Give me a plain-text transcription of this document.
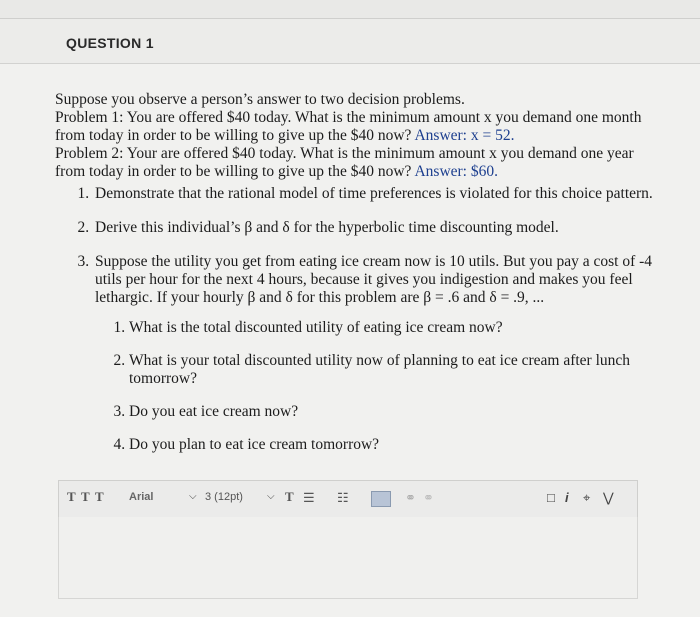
QUESTION 1

Suppose you observe a person’s answer to two decision problems.

Problem 1: You are offered $40 today. What is the minimum amount x you demand one month from today in order to be willing to give up the $40 now? Answer: x = 52.

Problem 2: Your are offered $40 today. What is the minimum amount x you demand one year from today in order to be willing to give up the $40 now? Answer: $60.

1. Demonstrate that the rational model of time preferences is violated for this choice pattern.
2. Derive this individual’s β and δ for the hyperbolic time discounting model.
3. Suppose the utility you get from eating ice cream now is 10 utils. But you pay a cost of -4 utils per hour for the next 4 hours, because it gives you indigestion and makes you feel lethargic. If your hourly β and δ for this problem are β = .6 and δ = .9, ...
1. What is the total discounted utility of eating ice cream now?
2. What is your total discounted utility now of planning to eat ice cream after lunch tomorrow?
3. Do you eat ice cream now?
4. Do you plan to eat ice cream tomorrow?
T T T Arial	⌵ 3 (12pt) ⌵ T ☰ ☷	⚭ ⚭	□ i ⌖ ⋁
